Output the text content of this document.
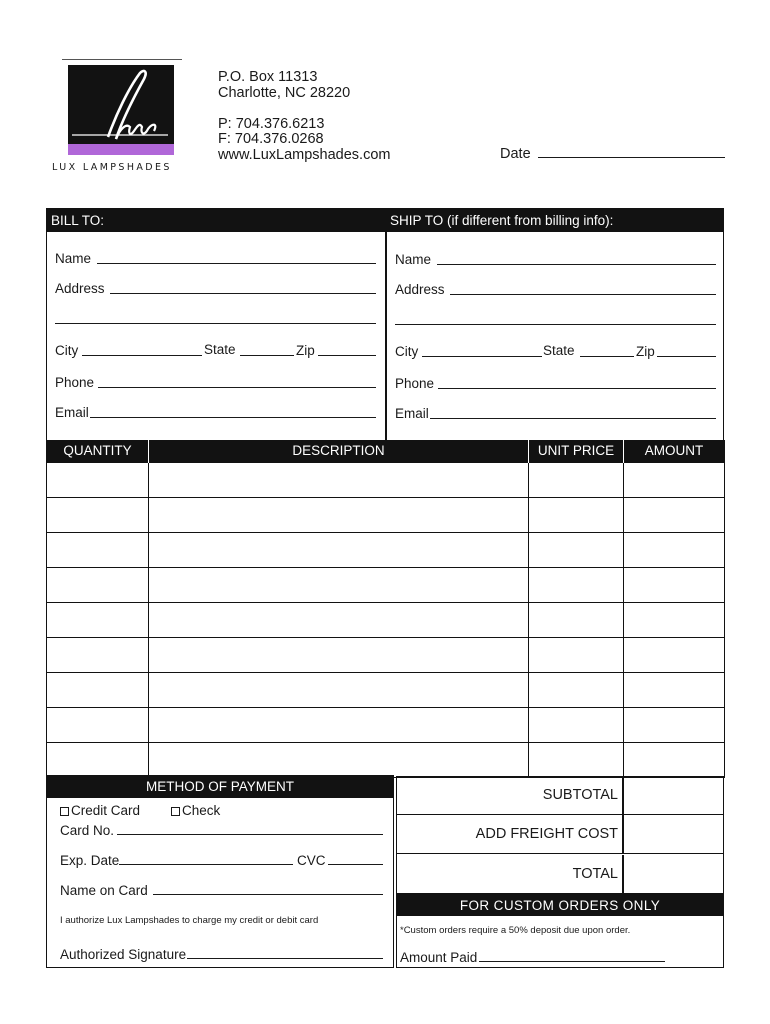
LUX LAMPSHADES
P.O. Box 11313
Charlotte, NC 28220
P: 704.376.6213
F: 704.376.0268
www.LuxLampshades.com	Date
BILL TO:	SHIP TO (if different from billing info):
Name
Address
City	State	Zip
Phone
Email
Name
Address
City	State	Zip
Phone
Email
QUANTITY	DESCRIPTION	UNIT PRICE	AMOUNT

METHOD OF PAYMENT
Credit Card	Check
Card No.
Exp. Date	CVC
Name on Card
I authorize Lux Lampshades to charge my credit or debit card
Authorized Signature
SUBTOTAL
ADD FREIGHT COST
TOTAL
FOR CUSTOM ORDERS ONLY
*Custom orders require a 50% deposit due upon order.
Amount Paid
